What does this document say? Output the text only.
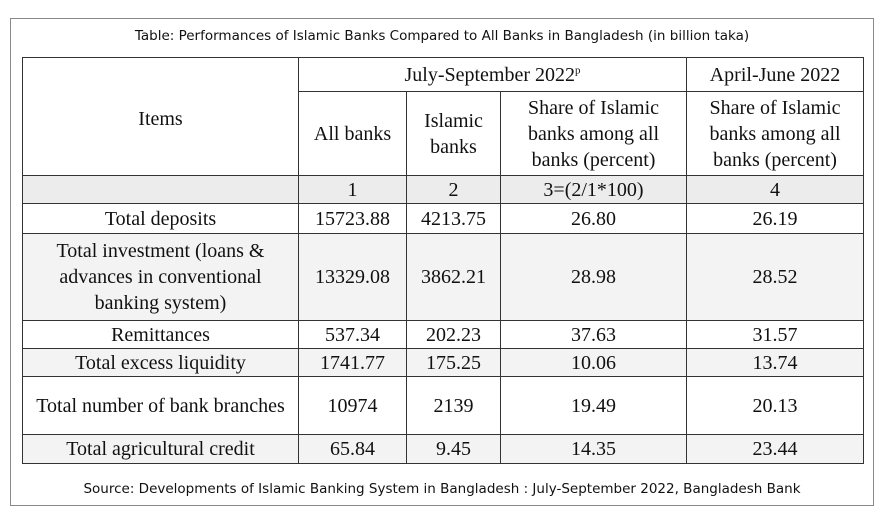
Table: Performances of Islamic Banks Compared to All Banks in Bangladesh (in billion taka)
Items	July-September 2022$^p$			April-June 2022
	All banks	Islamic banks	Share of Islamic banks among all banks (percent)	Share of Islamic banks among all banks (percent)
	1	2	3=(2/1*100)	4
Total deposits	15723.88	4213.75	26.80	26.19
Total investment (loans & advances in conventional banking system)	13329.08	3862.21	28.98	28.52
Remittances	537.34	202.23	37.63	31.57
Total excess liquidity	1741.77	175.25	10.06	13.74
Total number of bank branches	10974	2139	19.49	20.13
Total agricultural credit	65.84	9.45	14.35	23.44
Source: Developments of Islamic Banking System in Bangladesh : July-September 2022, Bangladesh Bank
